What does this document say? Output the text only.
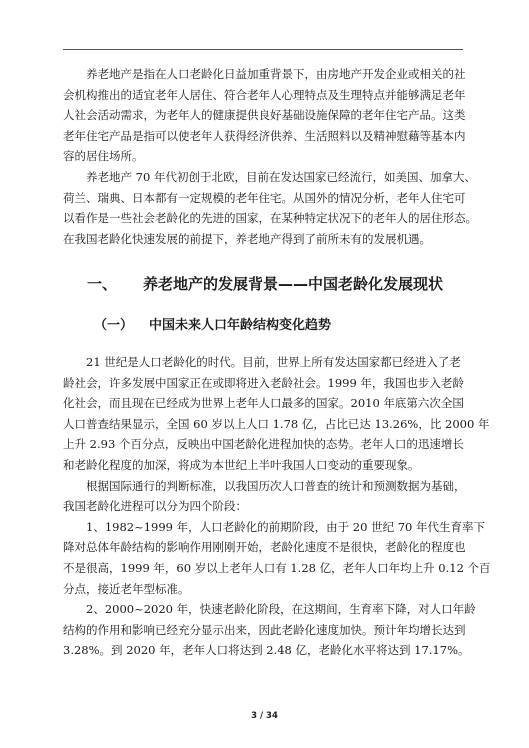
养老地产是指在人口老龄化日益加重背景下，由房地产开发企业或相关的社
会机构推出的适宜老年人居住、符合老年人心理特点及生理特点并能够满足老年
人社会活动需求，为老年人的健康提供良好基础设施保障的老年住宅产品。这类
老年住宅产品是指可以使老年人获得经济供养、生活照料以及精神慰藉等基本内
容的居住场所。

养老地产 70 年代初创于北欧，目前在发达国家已经流行，如美国、加拿大、
荷兰、瑞典、日本都有一定规模的老年住宅。从国外的情况分析，老年人住宅可
以看作是一些社会老龄化的先进的国家，在某种特定状况下的老年人的居住形态。
在我国老龄化快速发展的前提下，养老地产得到了前所未有的发展机遇。

一、 养老地产的发展背景——中国老龄化发展现状
（一） 中国未来人口年龄结构变化趋势

21 世纪是人口老龄化的时代。目前，世界上所有发达国家都已经进入了老
龄社会，许多发展中国家正在或即将进入老龄社会。1999 年，我国也步入老龄
化社会，而且现在已经成为世界上老年人口最多的国家。2010 年底第六次全国
人口普查结果显示，全国 60 岁以上人口 1.78 亿，占比已达 13.26%，比 2000 年
上升 2.93 个百分点，反映出中国老龄化进程加快的态势。老年人口的迅速增长
和老龄化程度的加深，将成为本世纪上半叶我国人口变动的重要现象。

根据国际通行的判断标准，以我国历次人口普查的统计和预测数据为基础，
我国老龄化进程可以分为四个阶段：

1、1982~1999 年，人口老龄化的前期阶段，由于 20 世纪 70 年代生育率下
降对总体年龄结构的影响作用刚刚开始，老龄化速度不是很快，老龄化的程度也
不是很高，1999 年，60 岁以上老年人口有 1.28 亿，老年人口年均上升 0.12 个百
分点，接近老年型标准。

2、2000~2020 年，快速老龄化阶段，在这期间，生育率下降，对人口年龄
结构的作用和影响已经充分显示出来，因此老龄化速度加快。预计年均增长达到
3.28%。到 2020 年，老年人口将达到 2.48 亿，老龄化水平将达到 17.17%。

3 / 34
